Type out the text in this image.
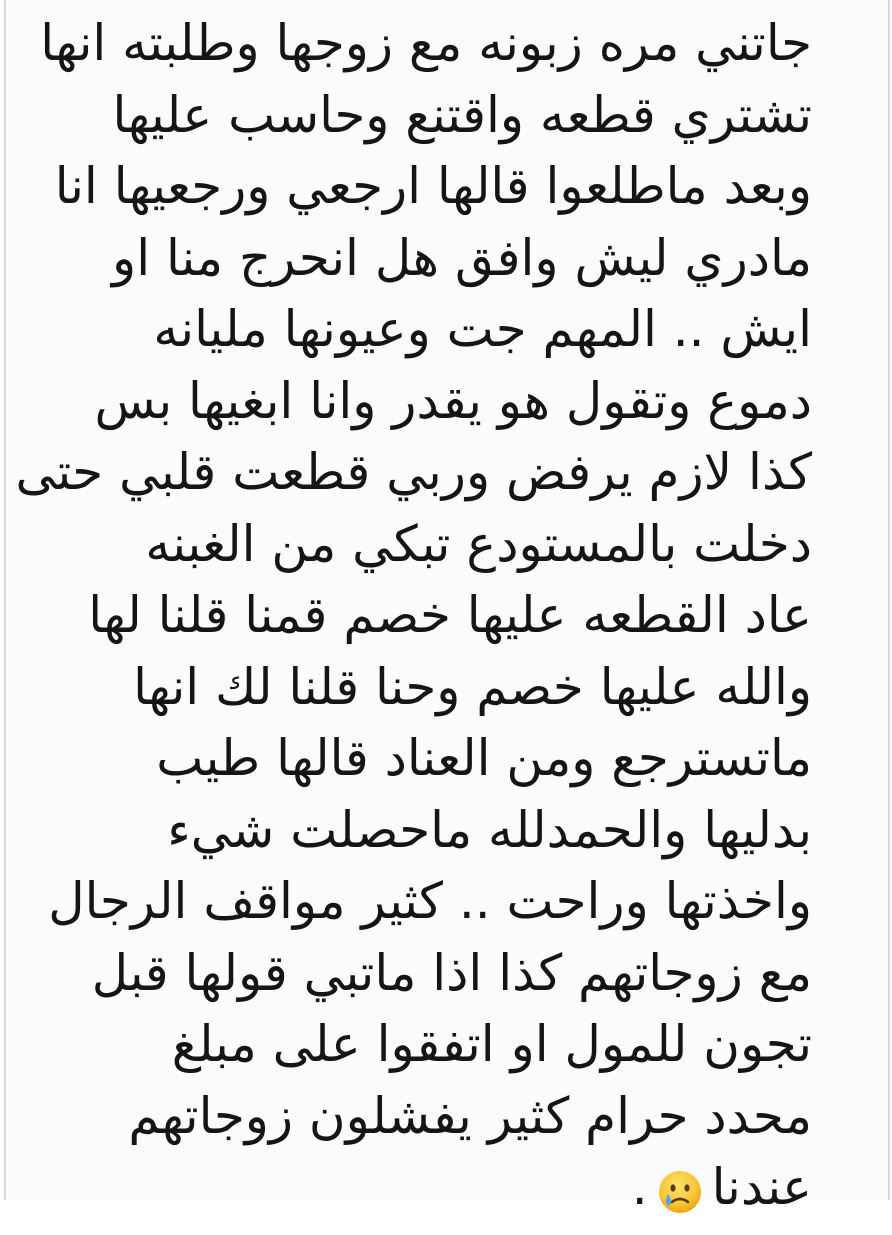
جاتني مره زبونه مع زوجها وطلبته انها
تشتري قطعه واقتنع وحاسب عليها
وبعد ماطلعوا قالها ارجعي ورجعيها انا
مادري ليش وافق هل انحرج منا او
ايش .. المهم جت وعيونها مليانه
دموع وتقول هو يقدر وانا ابغيها بس
كذا لازم يرفض وربي قطعت قلبي حتى
دخلت بالمستودع تبكي من الغبنه
عاد القطعه عليها خصم قمنا قلنا لها
والله عليها خصم وحنا قلنا لك انها
ماتسترجع ومن العناد قالها طيب
بدليها والحمدلله ماحصلت شيء
واخذتها وراحت .. كثير مواقف الرجال
مع زوجاتهم كذا اذا ماتبي قولها قبل
تجون للمول او اتفقوا على مبلغ
محدد حرام كثير يفشلون زوجاتهم
عندنا
.
